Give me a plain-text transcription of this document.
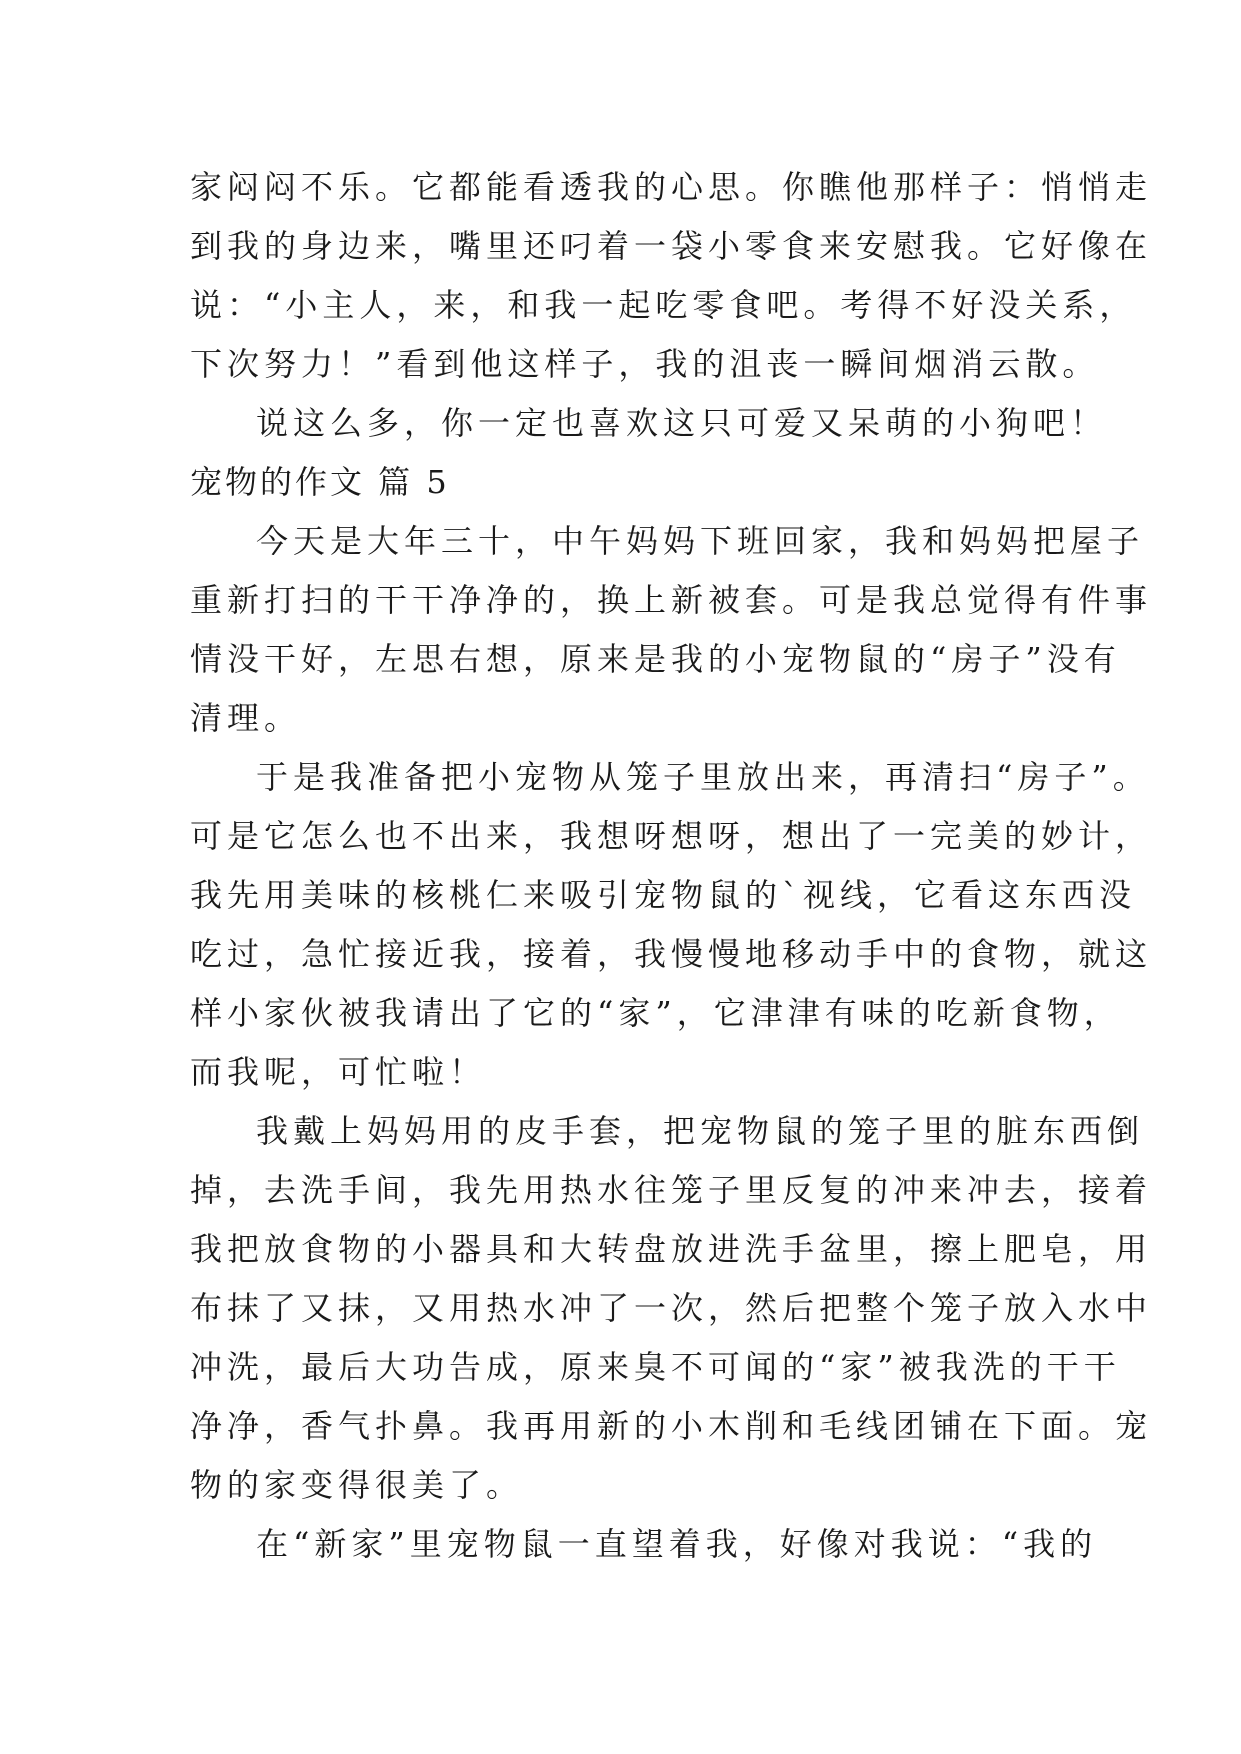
家闷闷不乐。它都能看透我的心思。你瞧他那样子：悄悄走
到我的身边来，嘴里还叼着一袋小零食来安慰我。它好像在
说：“小主人，来，和我一起吃零食吧。考得不好没关系，
下次努力！”看到他这样子，我的沮丧一瞬间烟消云散。
说这么多，你一定也喜欢这只可爱又呆萌的小狗吧！
宠物的作文 篇 5
今天是大年三十，中午妈妈下班回家，我和妈妈把屋子
重新打扫的干干净净的，换上新被套。可是我总觉得有件事
情没干好，左思右想，原来是我的小宠物鼠的“房子”没有
清理。
于是我准备把小宠物从笼子里放出来，再清扫“房子”。
可是它怎么也不出来，我想呀想呀，想出了一完美的妙计，
我先用美味的核桃仁来吸引宠物鼠的`视线，它看这东西没
吃过，急忙接近我，接着，我慢慢地移动手中的食物，就这
样小家伙被我请出了它的“家”，它津津有味的吃新食物，
而我呢，可忙啦！
我戴上妈妈用的皮手套，把宠物鼠的笼子里的脏东西倒
掉，去洗手间，我先用热水往笼子里反复的冲来冲去，接着
我把放食物的小器具和大转盘放进洗手盆里，擦上肥皂，用
布抹了又抹，又用热水冲了一次，然后把整个笼子放入水中
冲洗，最后大功告成，原来臭不可闻的“家”被我洗的干干
净净，香气扑鼻。我再用新的小木削和毛线团铺在下面。宠
物的家变得很美了。
在“新家”里宠物鼠一直望着我，好像对我说：“我的
